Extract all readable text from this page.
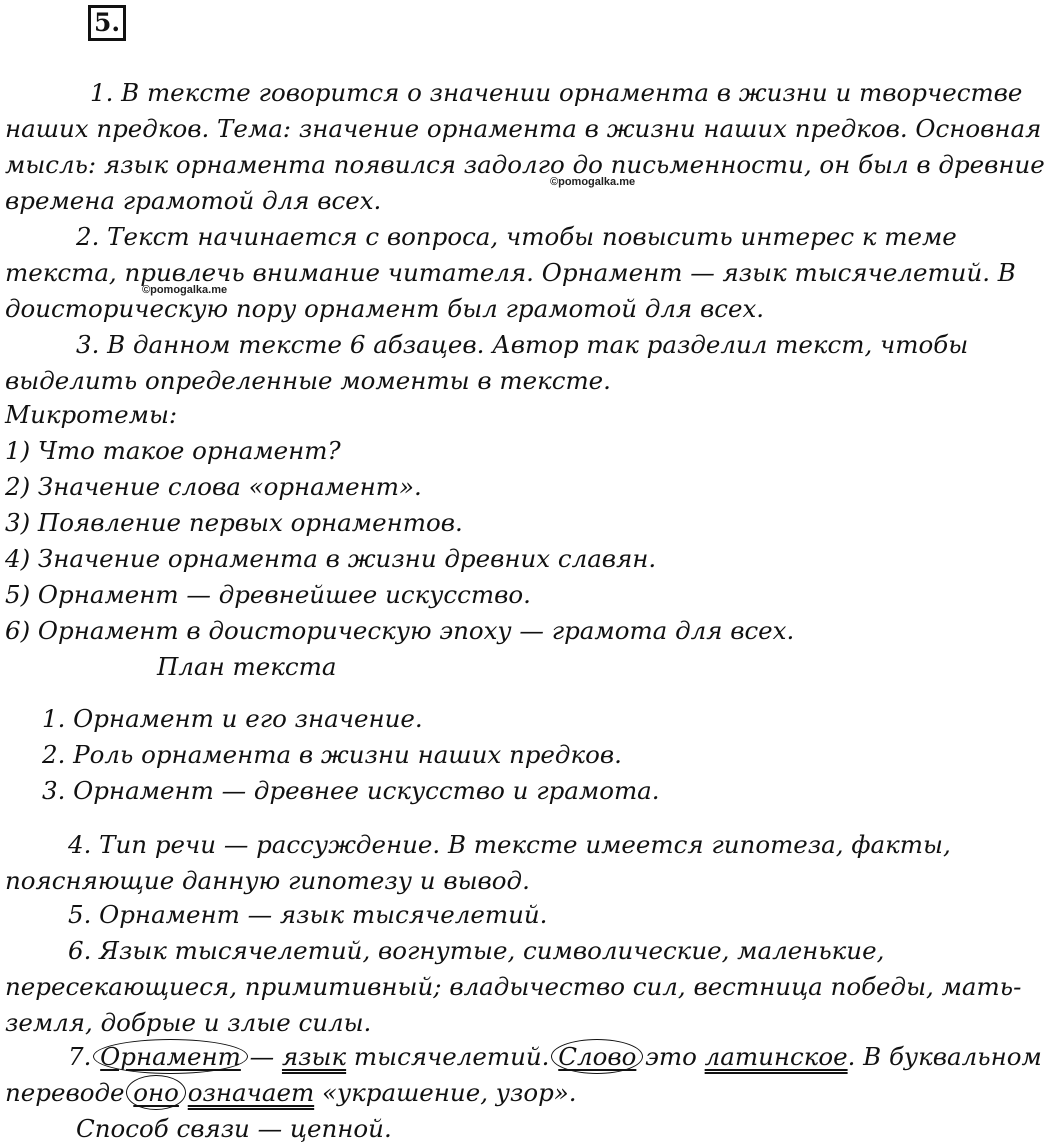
5.
1. В тексте говорится о значении орнамента в жизни и творчестве
наших предков. Тема: значение орнамента в жизни наших предков. Основная
мысль: язык орнамента появился задолго до письменности, он был в древние
©pomogalka.me
времена грамотой для всех.
2. Текст начинается с вопроса, чтобы повысить интерес к теме
текста, привлечь внимание читателя. Орнамент — язык тысячелетий. В
©pomogalka.me
доисторическую пору орнамент был грамотой для всех.
3. В данном тексте 6 абзацев. Автор так разделил текст, чтобы
выделить определенные моменты в тексте.
Микротемы:
1) Что такое орнамент?
2) Значение слова «орнамент».
3) Появление первых орнаментов.
4) Значение орнамента в жизни древних славян.
5) Орнамент — древнейшее искусство.
6) Орнамент в доисторическую эпоху — грамота для всех.
План текста
1. Орнамент и его значение.
2. Роль орнамента в жизни наших предков.
3. Орнамент — древнее искусство и грамота.
4. Тип речи — рассуждение. В тексте имеется гипотеза, факты,
поясняющие данную гипотезу и вывод.
5. Орнамент — язык тысячелетий.
6. Язык тысячелетий, вогнутые, символические, маленькие,
пересекающиеся, примитивный; владычество сил, вестница победы, мать-
земля, добрые и злые силы.
7. Орнамент — язык тысячелетий. Слово это латинское. В буквальном
переводе оно означает «украшение, узор».
Способ связи — цепной.
